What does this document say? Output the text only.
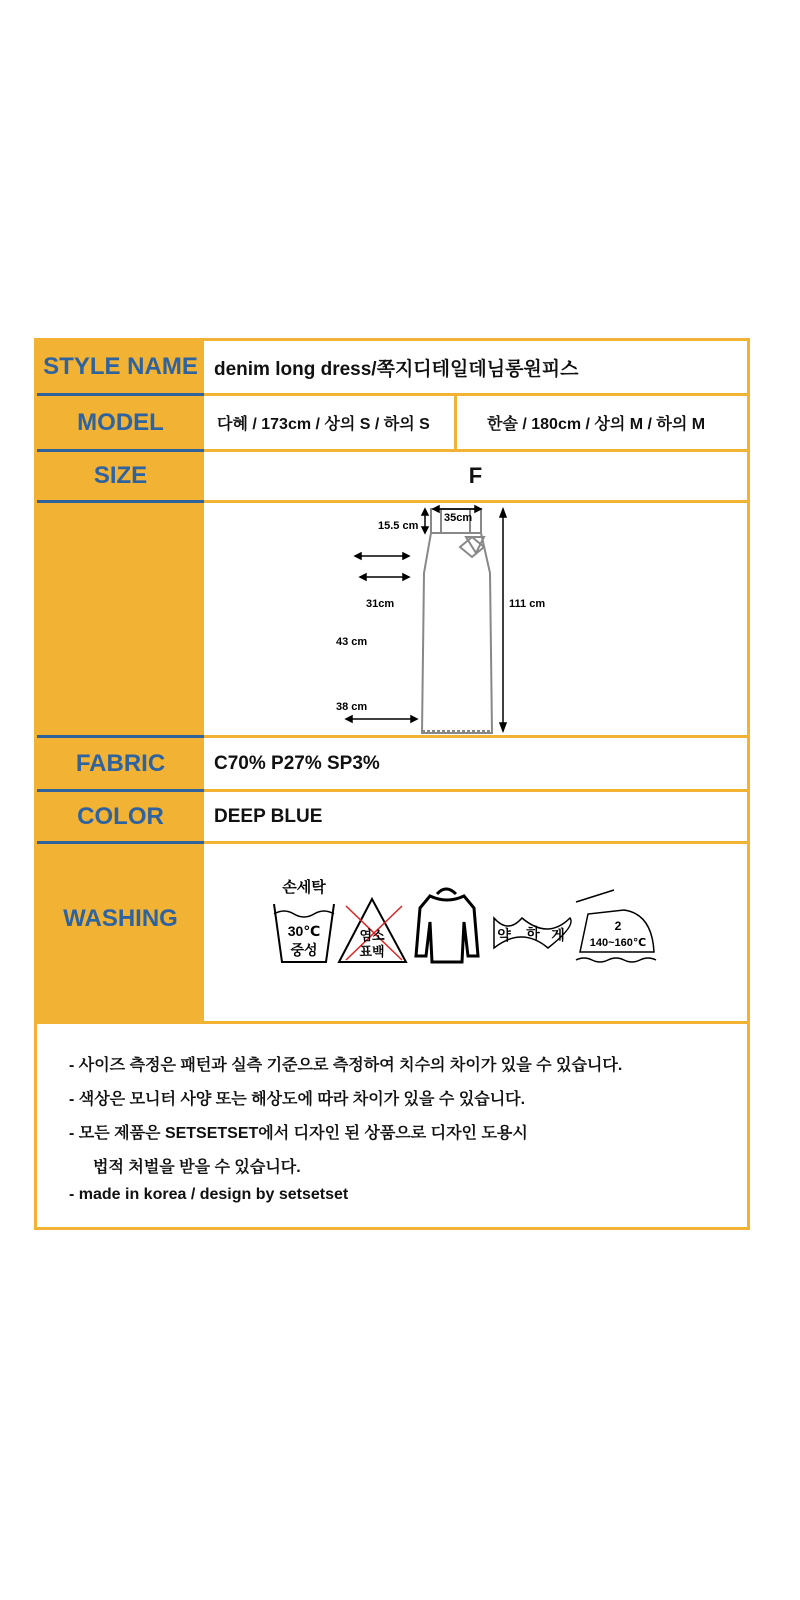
STYLE NAME denim long dress/쪽지디테일데님롱원피스
MODEL	다혜 / 173cm / 상의 S / 하의 S	한솔 / 180cm / 상의 M / 하의 M
SIZE	F
35cm
15.5 cm
31cm
43 cm
38 cm
111 cm
FABRIC	C70% P27% SP3%
COLOR	DEEP BLUE
WASHING
손세탁
30℃
중성
염소
표백
약 하 게
2
140~160℃
- 사이즈 측정은 패턴과 실측 기준으로 측정하여 치수의 차이가 있을 수 있습니다.
- 색상은 모니터 사양 또는 해상도에 따라 차이가 있을 수 있습니다.
- 모든 제품은 SETSETSET에서 디자인 된 상품으로 디자인 도용시
법적 처벌을 받을 수 있습니다.
- made in korea / design by setsetset
